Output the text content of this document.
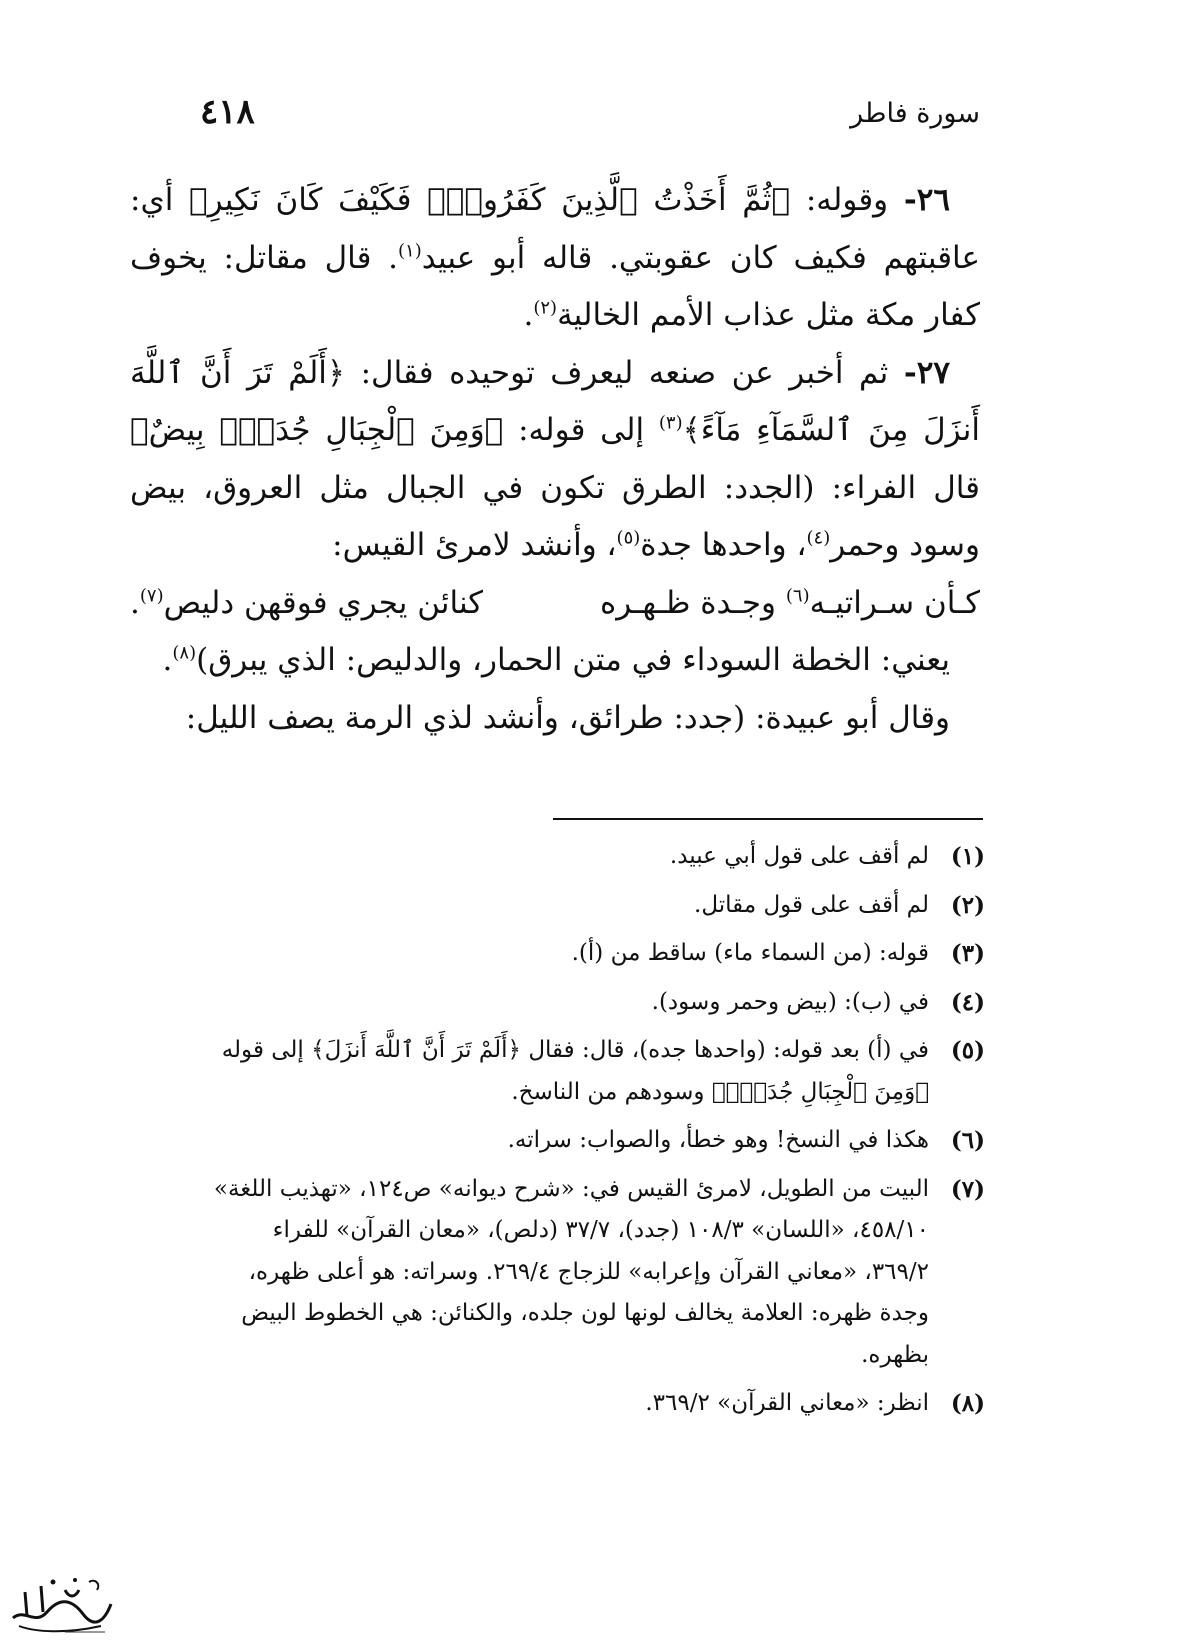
٤١٨	سورة فاطر

٢٦- وقوله: ﴿ثُمَّ أَخَذْتُ ٱلَّذِينَ كَفَرُوا۟ۖ فَكَيْفَ كَانَ نَكِيرِ﴾ أي: عاقبتهم فكيف كان عقوبتي. قاله أبو عبيد$^{(١)}$. قال مقاتل: يخوف كفار مكة مثل عذاب الأمم الخالية$^{(٢)}$.

٢٧- ثم أخبر عن صنعه ليعرف توحيده فقال: ﴿أَلَمْ تَرَ أَنَّ ٱللَّهَ أَنزَلَ مِنَ ٱلسَّمَآءِ مَآءً﴾$^{(٣)}$ إلى قوله: ﴿وَمِنَ ٱلْجِبَالِ جُدَدٌۢ بِيضٌ﴾ قال الفراء: (الجدد: الطرق تكون في الجبال مثل العروق، بيض وسود وحمر$^{(٤)}$، واحدها جدة$^{(٥)}$، وأنشد لامرئ القيس:

كـأن سـراتيـه$^{(٦)}$ وجـدة ظـهـره
كنائن يجري فوقهن دليص$^{(٧)}$.

يعني: الخطة السوداء في متن الحمار، والدليص: الذي يبرق)$^{(٨)}$.

وقال أبو عبيدة: (جدد: طرائق، وأنشد لذي الرمة يصف الليل:

(١)
لم أقف على قول أبي عبيد.
(٢)
لم أقف على قول مقاتل.
(٣)
قوله: (من السماء ماء) ساقط من (أ).
(٤)
في (ب): (بيض وحمر وسود).
(٥)
في (أ) بعد قوله: (واحدها جده)، قال: فقال ﴿أَلَمْ تَرَ أَنَّ ٱللَّهَ أَنزَلَ﴾ إلى قوله
﴿وَمِنَ ٱلْجِبَالِ جُدَدٌۢ﴾ وسودهم من الناسخ.
(٦)
هكذا في النسخ! وهو خطأ، والصواب: سراته.
(٧)
البيت من الطويل، لامرئ القيس في: «شرح ديوانه» ص١٢٤، «تهذيب اللغة»
٤٥٨/١٠، «اللسان» ١٠٨/٣ (جدد)، ٣٧/٧ (دلص)، «معان القرآن» للفراء
٣٦٩/٢، «معاني القرآن وإعرابه» للزجاج ٢٦٩/٤. وسراته: هو أعلى ظهره،
وجدة ظهره: العلامة يخالف لونها لون جلده، والكنائن: هي الخطوط البيض
بظهره.
(٨)
انظر: «معاني القرآن» ٣٦٩/٢.
